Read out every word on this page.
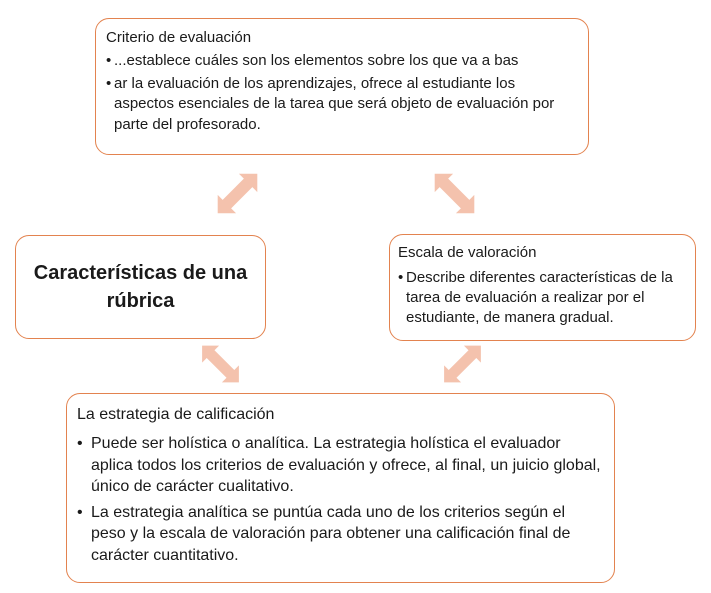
Criterio de evaluación

• ...establece cuáles son los elementos sobre los que va a bas
• ar la evaluación de los aprendizajes, ofrece al estudiante los aspectos esenciales de la tarea que será objeto de evaluación por parte del profesorado.

Características de una rúbrica

Escala de valoración

• Describe diferentes características de la tarea de evaluación a realizar por el estudiante, de manera gradual.

La estrategia de calificación

• Puede ser holística o analítica. La estrategia holística el evaluador aplica todos los criterios de evaluación y ofrece, al final, un juicio global, único de carácter cualitativo.
• La estrategia analítica se puntúa cada uno de los criterios según el peso y la escala de valoración para obtener una calificación final de carácter cuantitativo.
